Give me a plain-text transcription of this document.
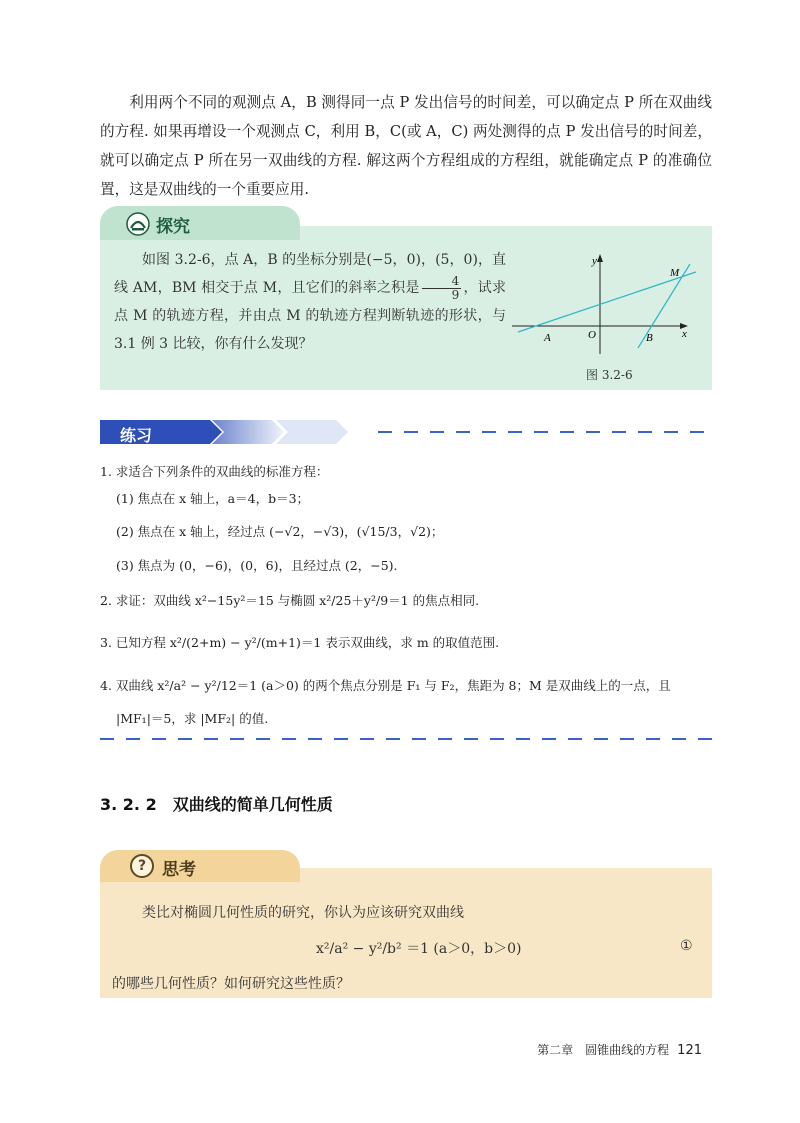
利用两个不同的观测点 A，B 测得同一点 P 发出信号的时间差，可以确定点 P 所在双曲线的方程. 如果再增设一个观测点 C，利用 B，C(或 A，C) 两处测得的点 P 发出信号的时间差，就可以确定点 P 所在另一双曲线的方程. 解这两个方程组成的方程组，就能确定点 P 的准确位置，这是双曲线的一个重要应用.

探究

如图 3.2-6，点 A，B 的坐标分别是(−5，0)，(5，0)，直线 AM，BM 相交于点 M，且它们的斜率之积是 $\frac{4}{9}$ ，试求点 M 的轨迹方程，并由点 M 的轨迹方程判断轨迹的形状，与 3.1 例 3 比较，你有什么发现？

y
x
O
A	B
M
图 3.2-6
练习
1. 求适合下列条件的双曲线的标准方程：
(1) 焦点在 x 轴上，a＝4，b＝3；
(2) 焦点在 x 轴上，经过点 (−√2，−√3)，(√15/3，√2)；
(3) 焦点为 (0，−6)，(0，6)，且经过点 (2，−5).
2. 求证：双曲线 x²−15y²＝15 与椭圆 x²/25＋y²/9＝1 的焦点相同.
3. 已知方程 x²/(2+m) − y²/(m+1)＝1 表示双曲线，求 m 的取值范围.
4. 双曲线 x²/a² − y²/12＝1 (a＞0) 的两个焦点分别是 F₁ 与 F₂，焦距为 8；M 是双曲线上的一点，且
|MF₁|＝5，求 |MF₂| 的值.
3. 2. 2 双曲线的简单几何性质
? 思考
类比对椭圆几何性质的研究，你认为应该研究双曲线
x²/a² − y²/b² ＝1 (a＞0，b＞0)	①
的哪些几何性质？如何研究这些性质？
第二章　圆锥曲线的方程 121
